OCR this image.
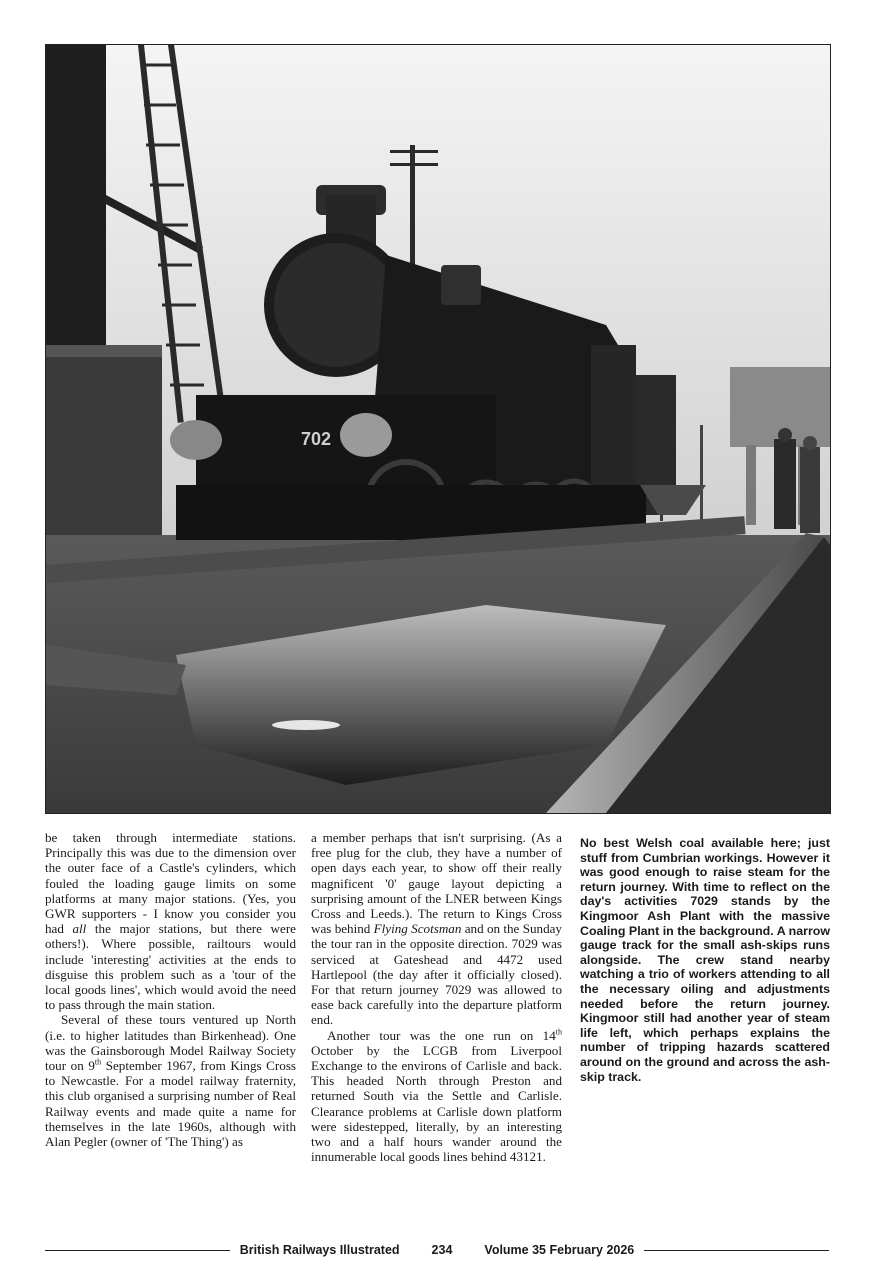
702

be taken through intermediate stations. Principally this was due to the dimension over the outer face of a Castle's cylinders, which fouled the loading gauge limits on some platforms at many major stations. (Yes, you GWR supporters - I know you consider you had all the major stations, but there were others!). Where possible, railtours would include 'interesting' activities at the ends to disguise this problem such as a 'tour of the local goods lines', which would avoid the need to pass through the main station.

Several of these tours ventured up North (i.e. to higher latitudes than Birkenhead). One was the Gainsborough Model Railway Society tour on 9th September 1967, from Kings Cross to Newcastle. For a model railway fraternity, this club organised a surprising number of Real Railway events and made quite a name for themselves in the late 1960s, although with Alan Pegler (owner of 'The Thing') as

a member perhaps that isn't surprising. (As a free plug for the club, they have a number of open days each year, to show off their really magnificent '0' gauge layout depicting a surprising amount of the LNER between Kings Cross and Leeds.). The return to Kings Cross was behind Flying Scotsman and on the Sunday the tour ran in the opposite direction. 7029 was serviced at Gateshead and 4472 used Hartlepool (the day after it officially closed). For that return journey 7029 was allowed to ease back carefully into the departure platform end.

Another tour was the one run on 14th October by the LCGB from Liverpool Exchange to the environs of Carlisle and back. This headed North through Preston and returned South via the Settle and Carlisle. Clearance problems at Carlisle down platform were sidestepped, literally, by an interesting two and a half hours wander around the innumerable local goods lines behind 43121.

No best Welsh coal available here; just stuff from Cumbrian workings. However it was good enough to raise steam for the return journey. With time to reflect on the day's activities 7029 stands by the Kingmoor Ash Plant with the massive Coaling Plant in the background. A narrow gauge track for the small ash-skips runs alongside. The crew stand nearby watching a trio of workers attending to all the necessary oiling and adjustments needed before the return journey. Kingmoor still had another year of steam life left, which perhaps explains the number of tripping hazards scattered around on the ground and across the ash-skip track.
British Railways Illustrated	234	Volume 35 February 2026
